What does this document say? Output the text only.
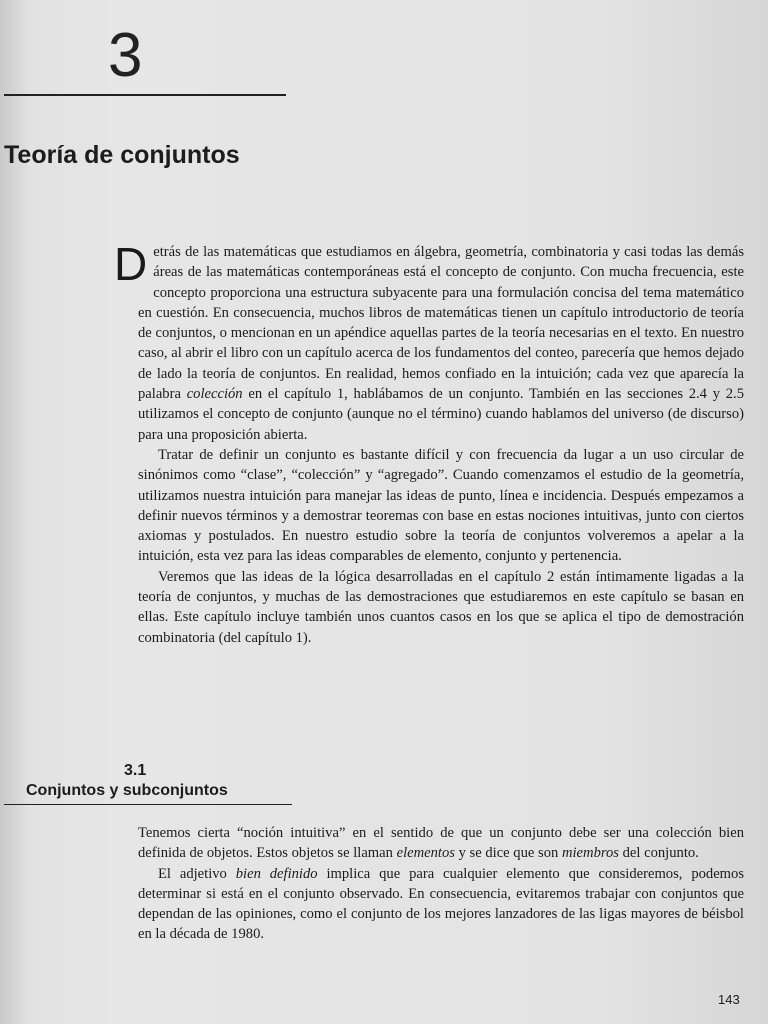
3
Teoría de conjuntos

Detrás de las matemáticas que estudiamos en álgebra, geometría, combinatoria y casi todas las demás áreas de las matemáticas contemporáneas está el concepto de conjunto. Con mucha frecuencia, este concepto proporciona una estructura subyacente para una formulación concisa del tema matemático en cuestión. En consecuencia, muchos libros de matemáticas tienen un capítulo introductorio de teoría de conjuntos, o mencionan en un apéndice aquellas partes de la teoría necesarias en el texto. En nuestro caso, al abrir el libro con un capítulo acerca de los fundamentos del conteo, parecería que hemos dejado de lado la teoría de conjuntos. En realidad, hemos confiado en la intuición; cada vez que aparecía la palabra colección en el capítulo 1, hablábamos de un conjunto. También en las secciones 2.4 y 2.5 utilizamos el concepto de conjunto (aunque no el término) cuando hablamos del universo (de discurso) para una proposición abierta.

Tratar de definir un conjunto es bastante difícil y con frecuencia da lugar a un uso circular de sinónimos como “clase”, “colección” y “agregado”. Cuando comenzamos el estudio de la geometría, utilizamos nuestra intuición para manejar las ideas de punto, línea e incidencia. Después empezamos a definir nuevos términos y a demostrar teoremas con base en estas nociones intuitivas, junto con ciertos axiomas y postulados. En nuestro estudio sobre la teoría de conjuntos volveremos a apelar a la intuición, esta vez para las ideas comparables de elemento, conjunto y pertenencia.

Veremos que las ideas de la lógica desarrolladas en el capítulo 2 están íntimamente ligadas a la teoría de conjuntos, y muchas de las demostraciones que estudiaremos en este capítulo se basan en ellas. Este capítulo incluye también unos cuantos casos en los que se aplica el tipo de demostración combinatoria (del capítulo 1).

3.1
Conjuntos y subconjuntos

Tenemos cierta “noción intuitiva” en el sentido de que un conjunto debe ser una colección bien definida de objetos. Estos objetos se llaman elementos y se dice que son miembros del conjunto.

El adjetivo bien definido implica que para cualquier elemento que consideremos, podemos determinar si está en el conjunto observado. En consecuencia, evitaremos trabajar con conjuntos que dependan de las opiniones, como el conjunto de los mejores lanzadores de las ligas mayores de béisbol en la década de 1980.

143
